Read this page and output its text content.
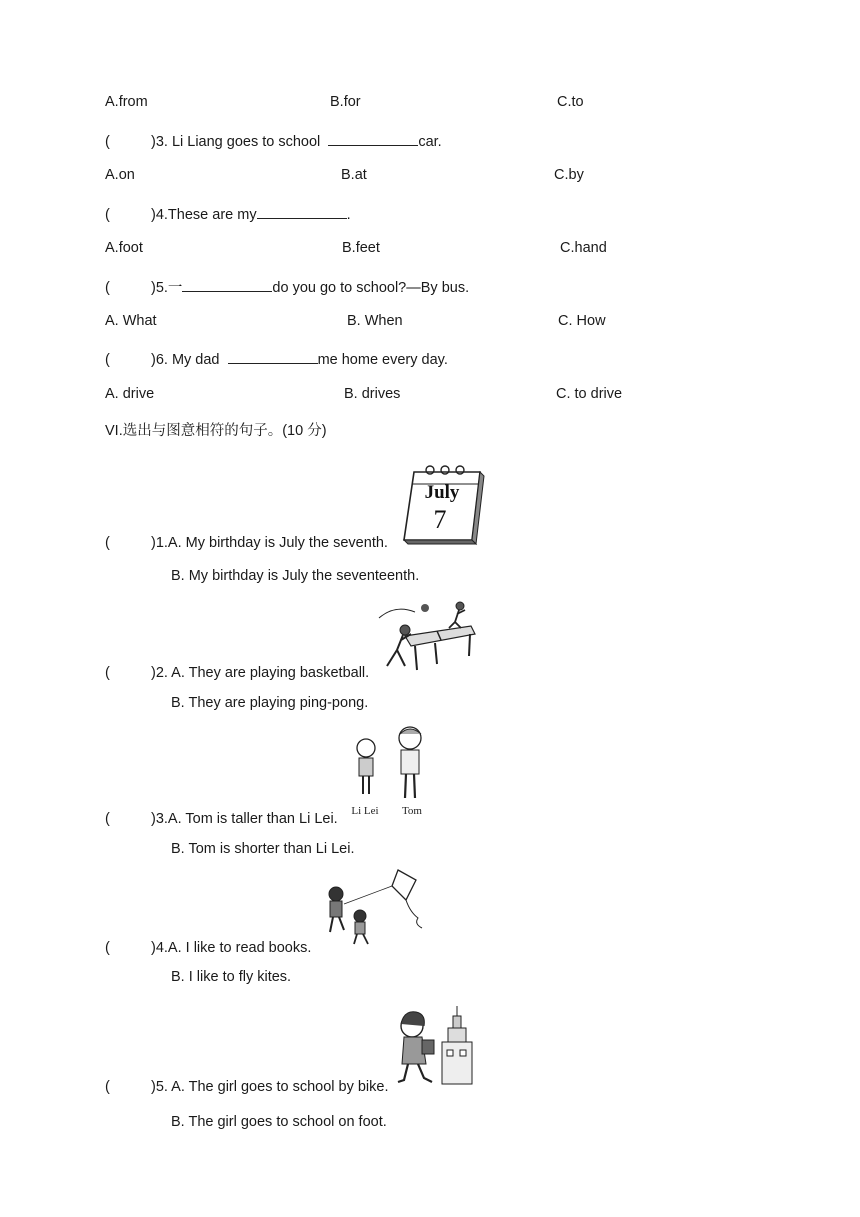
A.from	B.for	C.to
(	)3. Li Liang goes to school	car.
A.on	B.at	C.by
(	)4.These are my	.
A.foot	B.feet	C.hand
(	)5.一	do you go to school?—By bus.
A. What	B. When	C. How
(	)6. My dad	me home every day.
A. drive	B. drives	C. to drive
VI.选出与图意相符的句子。(10 分)
July
7
(	)1.A. My birthday is July the seventh.
B. My birthday is July the seventeenth.
(	)2. A. They are playing basketball.
B. They are playing ping-pong.
Li Lei Tom
(	)3.A. Tom is taller than Li Lei.
B. Tom is shorter than Li Lei.
(	)4.A. I like to read books.
B. I like to fly kites.
(	)5. A. The girl goes to school by bike.
B. The girl goes to school on foot.
